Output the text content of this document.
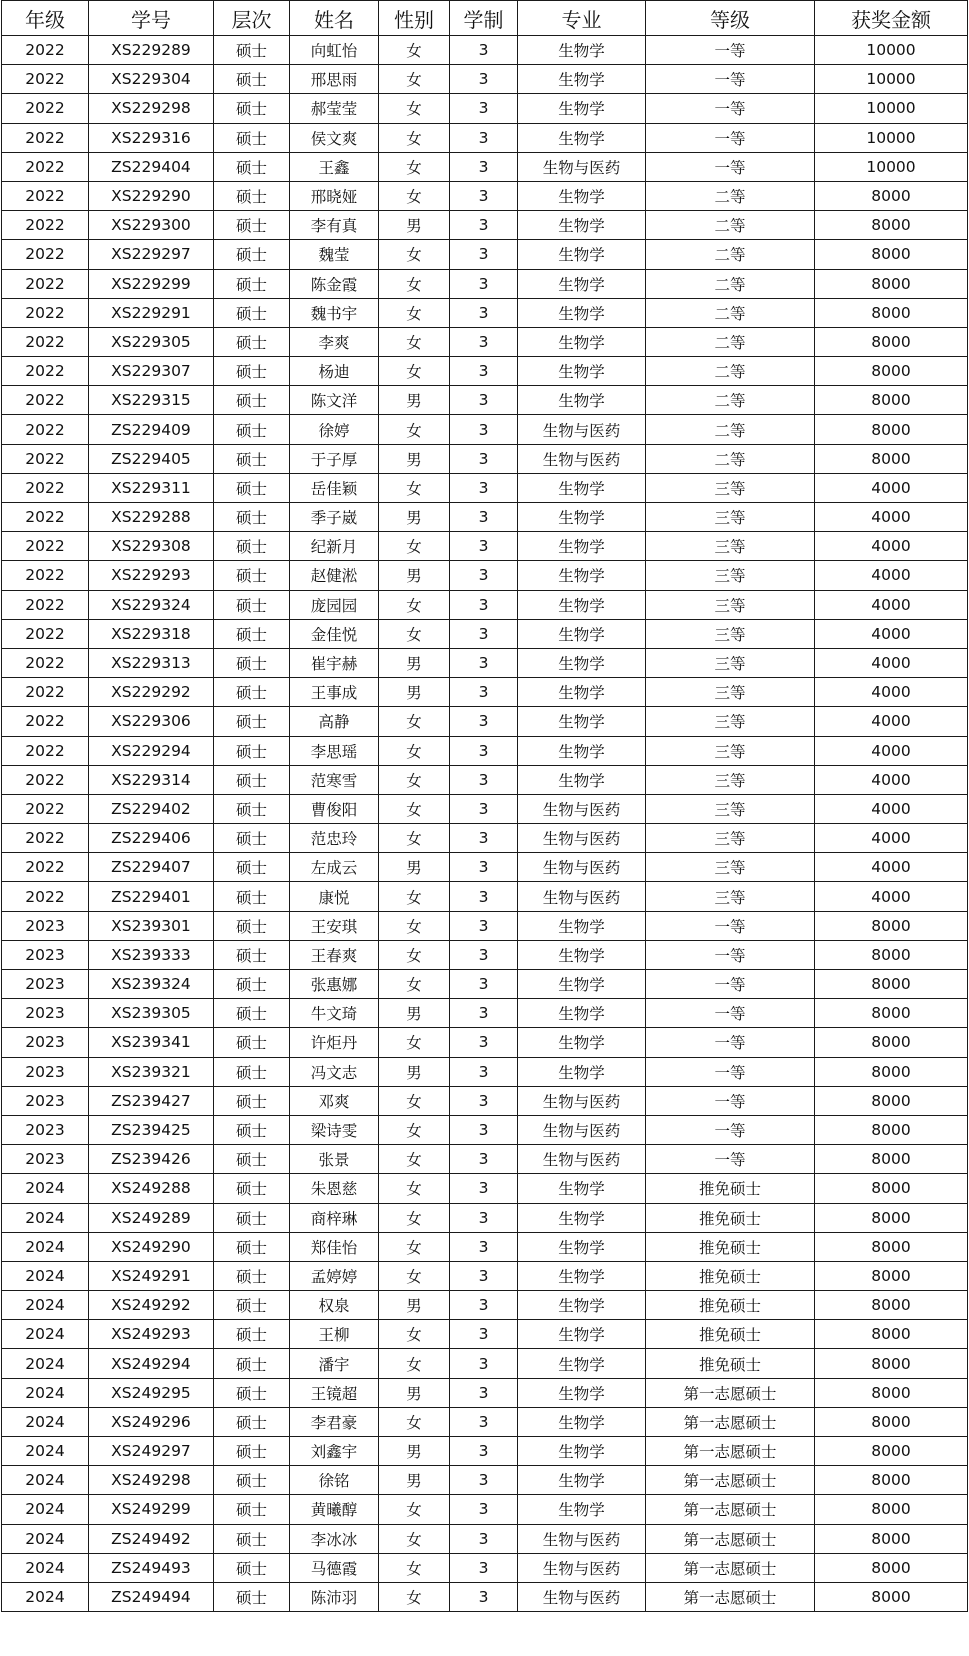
年级	学号	层次	姓名	性别	学制	专业	等级	获奖金额
2022	XS229289	硕士	向虹怡	女	3	生物学	一等	10000
2022	XS229304	硕士	邢思雨	女	3	生物学	一等	10000
2022	XS229298	硕士	郝莹莹	女	3	生物学	一等	10000
2022	XS229316	硕士	侯文爽	女	3	生物学	一等	10000
2022	ZS229404	硕士	王鑫	女	3	生物与医药	一等	10000
2022	XS229290	硕士	邢晓娅	女	3	生物学	二等	8000
2022	XS229300	硕士	李有真	男	3	生物学	二等	8000
2022	XS229297	硕士	魏莹	女	3	生物学	二等	8000
2022	XS229299	硕士	陈金霞	女	3	生物学	二等	8000
2022	XS229291	硕士	魏书宇	女	3	生物学	二等	8000
2022	XS229305	硕士	李爽	女	3	生物学	二等	8000
2022	XS229307	硕士	杨迪	女	3	生物学	二等	8000
2022	XS229315	硕士	陈文洋	男	3	生物学	二等	8000
2022	ZS229409	硕士	徐婷	女	3	生物与医药	二等	8000
2022	ZS229405	硕士	于子厚	男	3	生物与医药	二等	8000
2022	XS229311	硕士	岳佳颖	女	3	生物学	三等	4000
2022	XS229288	硕士	季子崴	男	3	生物学	三等	4000
2022	XS229308	硕士	纪新月	女	3	生物学	三等	4000
2022	XS229293	硕士	赵健淞	男	3	生物学	三等	4000
2022	XS229324	硕士	庞园园	女	3	生物学	三等	4000
2022	XS229318	硕士	金佳悦	女	3	生物学	三等	4000
2022	XS229313	硕士	崔宇赫	男	3	生物学	三等	4000
2022	XS229292	硕士	王事成	男	3	生物学	三等	4000
2022	XS229306	硕士	高静	女	3	生物学	三等	4000
2022	XS229294	硕士	李思瑶	女	3	生物学	三等	4000
2022	XS229314	硕士	范寒雪	女	3	生物学	三等	4000
2022	ZS229402	硕士	曹俊阳	女	3	生物与医药	三等	4000
2022	ZS229406	硕士	范忠玲	女	3	生物与医药	三等	4000
2022	ZS229407	硕士	左成云	男	3	生物与医药	三等	4000
2022	ZS229401	硕士	康悦	女	3	生物与医药	三等	4000
2023	XS239301	硕士	王安琪	女	3	生物学	一等	8000
2023	XS239333	硕士	王春爽	女	3	生物学	一等	8000
2023	XS239324	硕士	张惠娜	女	3	生物学	一等	8000
2023	XS239305	硕士	牛文琦	男	3	生物学	一等	8000
2023	XS239341	硕士	许炬丹	女	3	生物学	一等	8000
2023	XS239321	硕士	冯文志	男	3	生物学	一等	8000
2023	ZS239427	硕士	邓爽	女	3	生物与医药	一等	8000
2023	ZS239425	硕士	梁诗雯	女	3	生物与医药	一等	8000
2023	ZS239426	硕士	张景	女	3	生物与医药	一等	8000
2024	XS249288	硕士	朱恩慈	女	3	生物学	推免硕士	8000
2024	XS249289	硕士	商梓琳	女	3	生物学	推免硕士	8000
2024	XS249290	硕士	郑佳怡	女	3	生物学	推免硕士	8000
2024	XS249291	硕士	孟婷婷	女	3	生物学	推免硕士	8000
2024	XS249292	硕士	权泉	男	3	生物学	推免硕士	8000
2024	XS249293	硕士	王柳	女	3	生物学	推免硕士	8000
2024	XS249294	硕士	潘宇	女	3	生物学	推免硕士	8000
2024	XS249295	硕士	王镜超	男	3	生物学	第一志愿硕士	8000
2024	XS249296	硕士	李君豪	女	3	生物学	第一志愿硕士	8000
2024	XS249297	硕士	刘鑫宇	男	3	生物学	第一志愿硕士	8000
2024	XS249298	硕士	徐铭	男	3	生物学	第一志愿硕士	8000
2024	XS249299	硕士	黄曦醇	女	3	生物学	第一志愿硕士	8000
2024	ZS249492	硕士	李冰冰	女	3	生物与医药	第一志愿硕士	8000
2024	ZS249493	硕士	马德霞	女	3	生物与医药	第一志愿硕士	8000
2024	ZS249494	硕士	陈沛羽	女	3	生物与医药	第一志愿硕士	8000
